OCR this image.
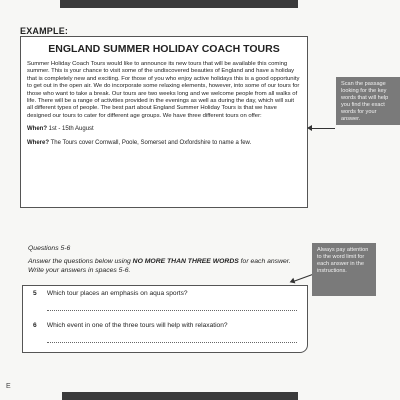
EXAMPLE:
ENGLAND SUMMER HOLIDAY COACH TOURS

Summer Holiday Coach Tours would like to announce its new tours that will be available this coming summer. This is your chance to visit some of the undiscovered beauties of England and have a holiday that is completely new and exciting. For those of you who enjoy active holidays this is a good opportunity to get out in the open air. We do incorporate some relaxing elements, however, into some of our tours for those who want to take a break. Our tours are two weeks long and we welcome people from all walks of life. There will be a range of activities provided in the evenings as well as during the day, which will suit all different types of people. The best part about England Summer Holiday Tours is that we have designed our tours to cater for different age groups. We have three different tours on offer:

When? 1st - 15th August

Where? The Tours cover Cornwall, Poole, Somerset and Oxfordshire to name a few.

Scan the passage looking for the key words that will help you find the exact words for your answer.
Questions 5-6
Answer the questions below using NO MORE THAN THREE WORDS for each answer.
Write your answers in spaces 5-6.
Always pay attention to the word limit for each answer in the instructions.
5 Which tour places an emphasis on aqua sports?
6 Which event in one of the three tours will help with relaxation?
E
